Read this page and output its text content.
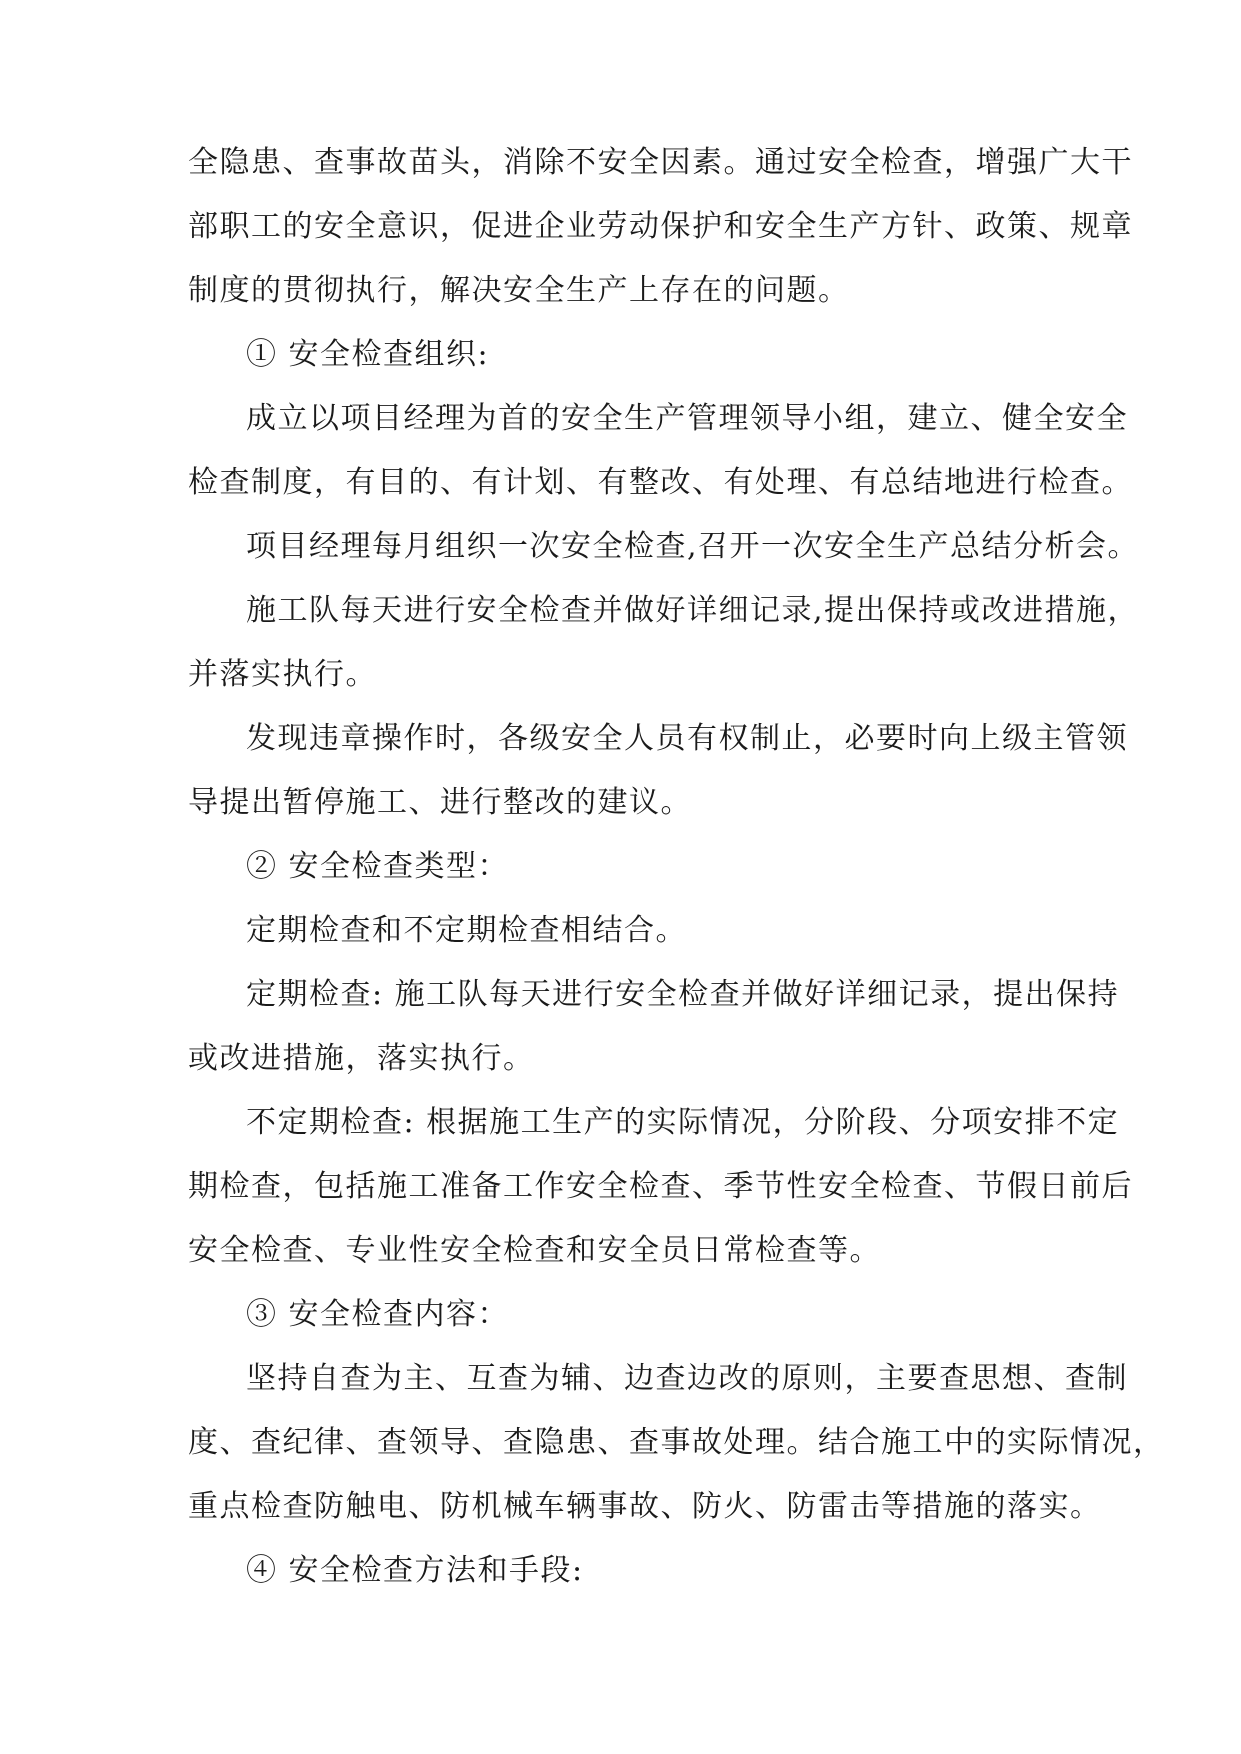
全隐患、查事故苗头，消除不安全因素。通过安全检查，增强广大干
部职工的安全意识，促进企业劳动保护和安全生产方针、政策、规章
制度的贯彻执行，解决安全生产上存在的问题。
① 安全检查组织:
成立以项目经理为首的安全生产管理领导小组，建立、健全安全
检查制度，有目的、有计划、有整改、有处理、有总结地进行检查。
项目经理每月组织一次安全检查,召开一次安全生产总结分析会。
施工队每天进行安全检查并做好详细记录,提出保持或改进措施，
并落实执行。
发现违章操作时，各级安全人员有权制止，必要时向上级主管领
导提出暂停施工、进行整改的建议。
② 安全检查类型：
定期检查和不定期检查相结合。
定期检查: 施工队每天进行安全检查并做好详细记录，提出保持
或改进措施，落实执行。
不定期检查: 根据施工生产的实际情况，分阶段、分项安排不定
期检查，包括施工准备工作安全检查、季节性安全检查、节假日前后
安全检查、专业性安全检查和安全员日常检查等。
③ 安全检查内容：
坚持自查为主、互查为辅、边查边改的原则，主要查思想、查制
度、查纪律、查领导、查隐患、查事故处理。结合施工中的实际情况，
重点检查防触电、防机械车辆事故、防火、防雷击等措施的落实。
④ 安全检查方法和手段:
